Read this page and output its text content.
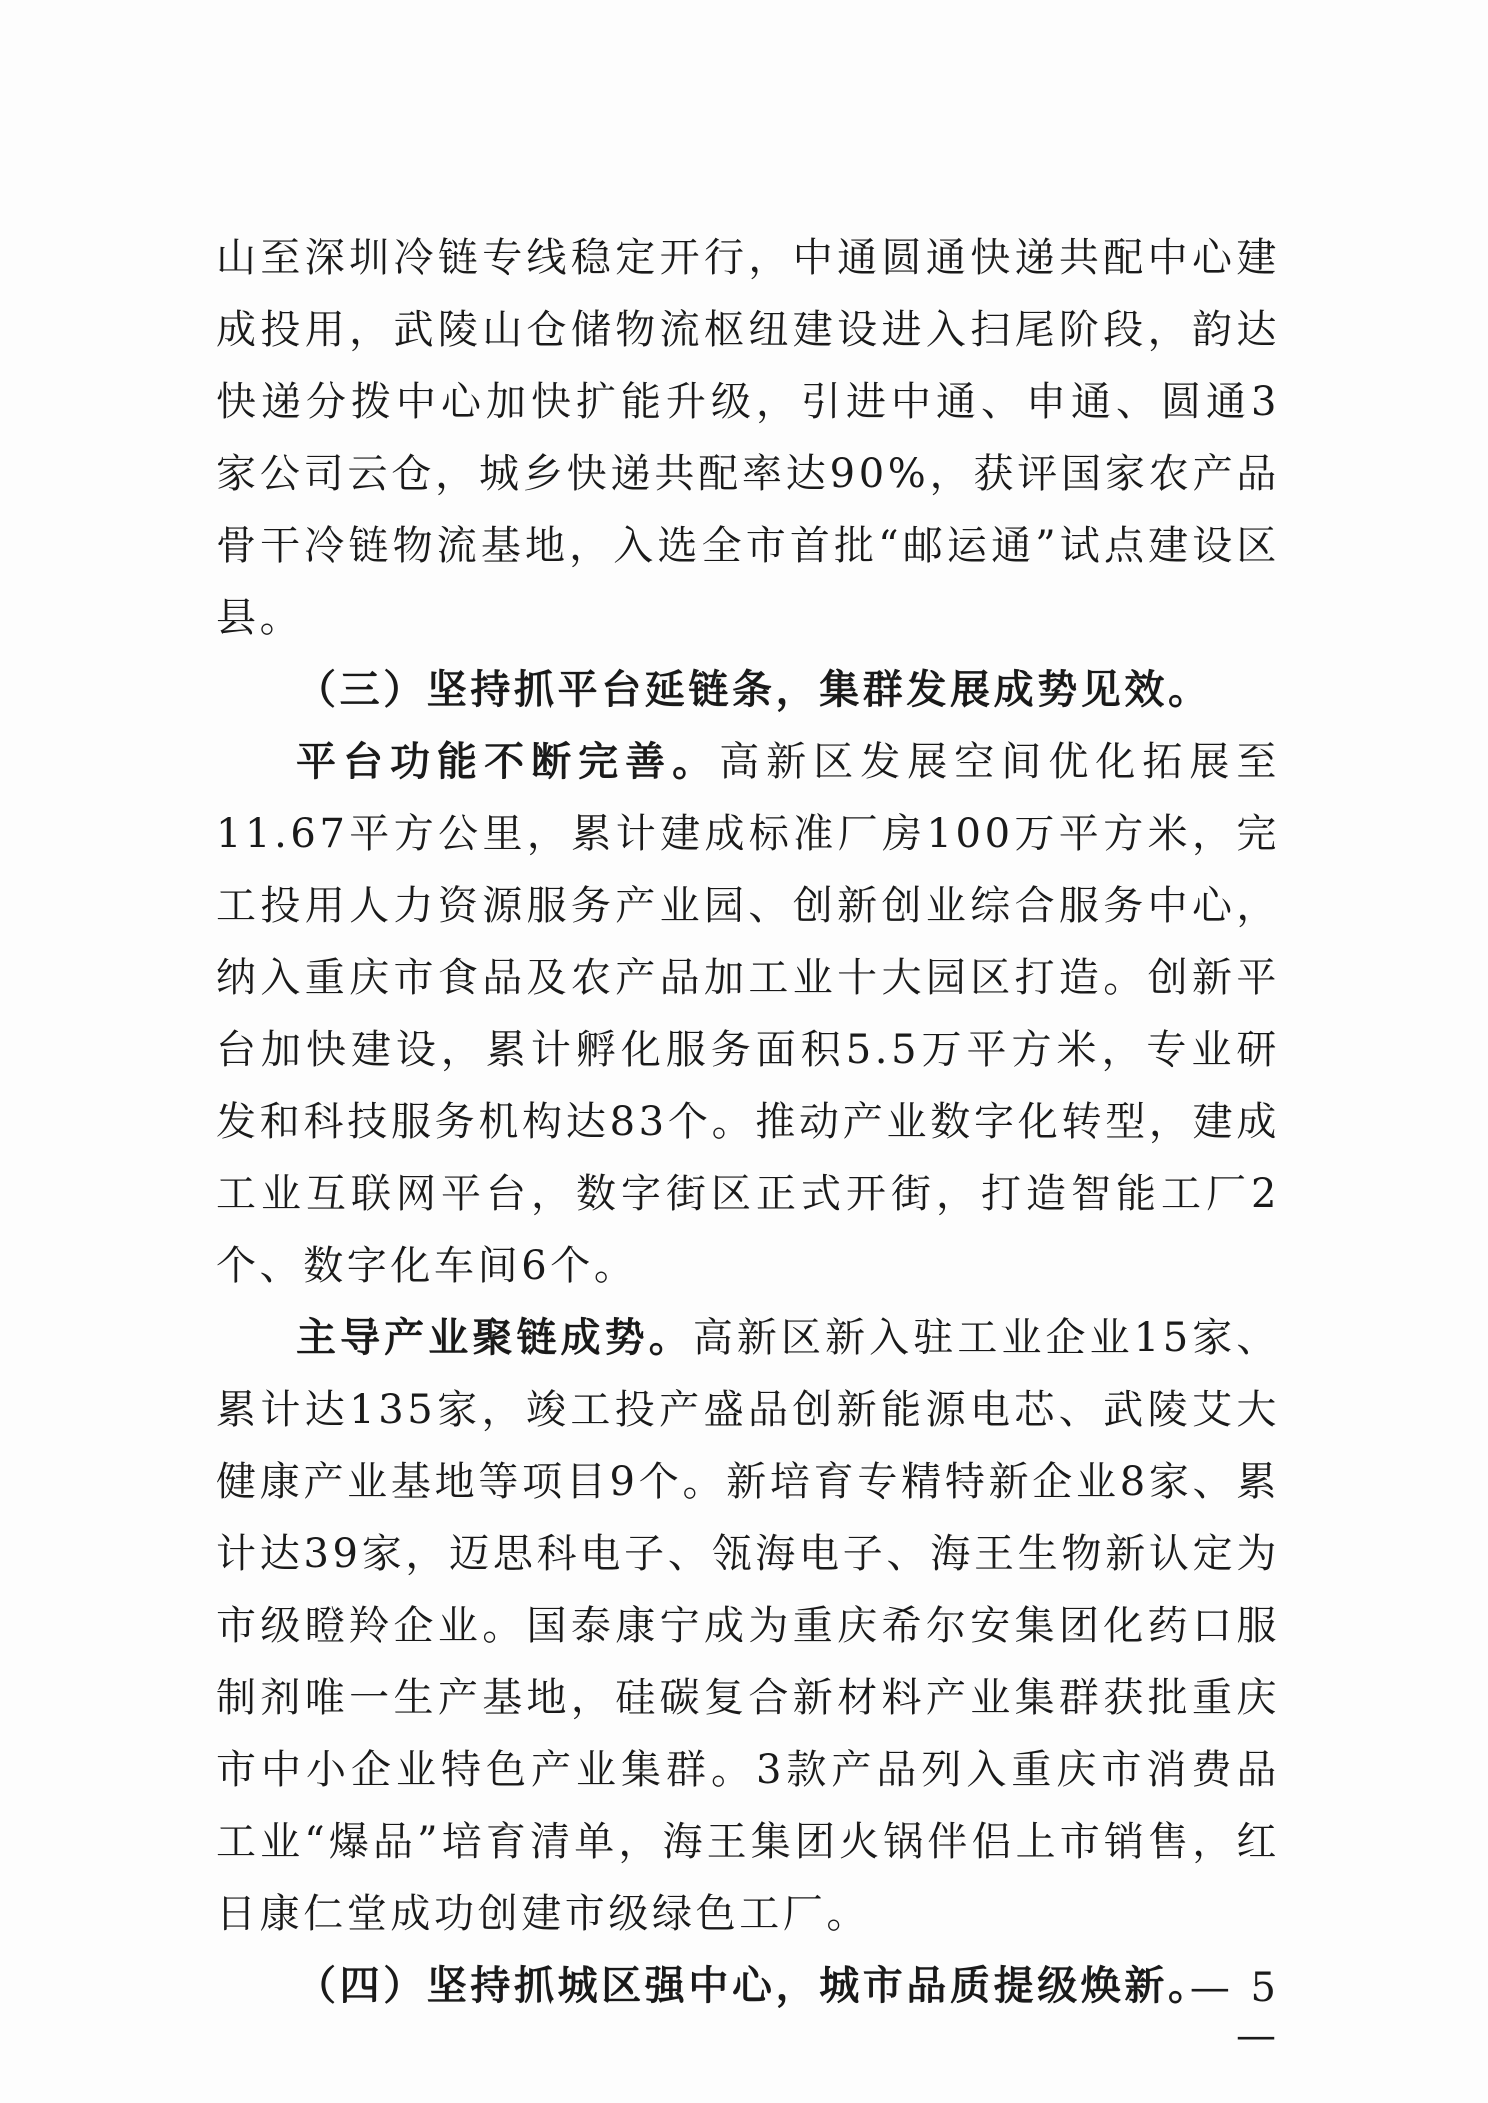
山至深圳冷链专线稳定开行，中通圆通快递共配中心建成投用，武陵山仓储物流枢纽建设进入扫尾阶段，韵达快递分拨中心加快扩能升级，引进中通、申通、圆通3家公司云仓，城乡快递共配率达90%，获评国家农产品骨干冷链物流基地，入选全市首批“邮运通”试点建设区县。

（三）坚持抓平台延链条，集群发展成势见效。

平台功能不断完善。高新区发展空间优化拓展至11.67平方公里，累计建成标准厂房100万平方米，完工投用人力资源服务产业园、创新创业综合服务中心，纳入重庆市食品及农产品加工业十大园区打造。创新平台加快建设，累计孵化服务面积5.5万平方米，专业研发和科技服务机构达83个。推动产业数字化转型，建成工业互联网平台，数字街区正式开街，打造智能工厂2个、数字化车间6个。

主导产业聚链成势。高新区新入驻工业企业15家、累计达135家，竣工投产盛品创新能源电芯、武陵艾大健康产业基地等项目9个。新培育专精特新企业8家、累计达39家，迈思科电子、瓴海电子、海王生物新认定为市级瞪羚企业。国泰康宁成为重庆希尔安集团化药口服制剂唯一生产基地，硅碳复合新材料产业集群获批重庆市中小企业特色产业集群。3款产品列入重庆市消费品工业“爆品”培育清单，海王集团火锅伴侣上市销售，红日康仁堂成功创建市级绿色工厂。

（四）坚持抓城区强中心，城市品质提级焕新。

— 5 —
